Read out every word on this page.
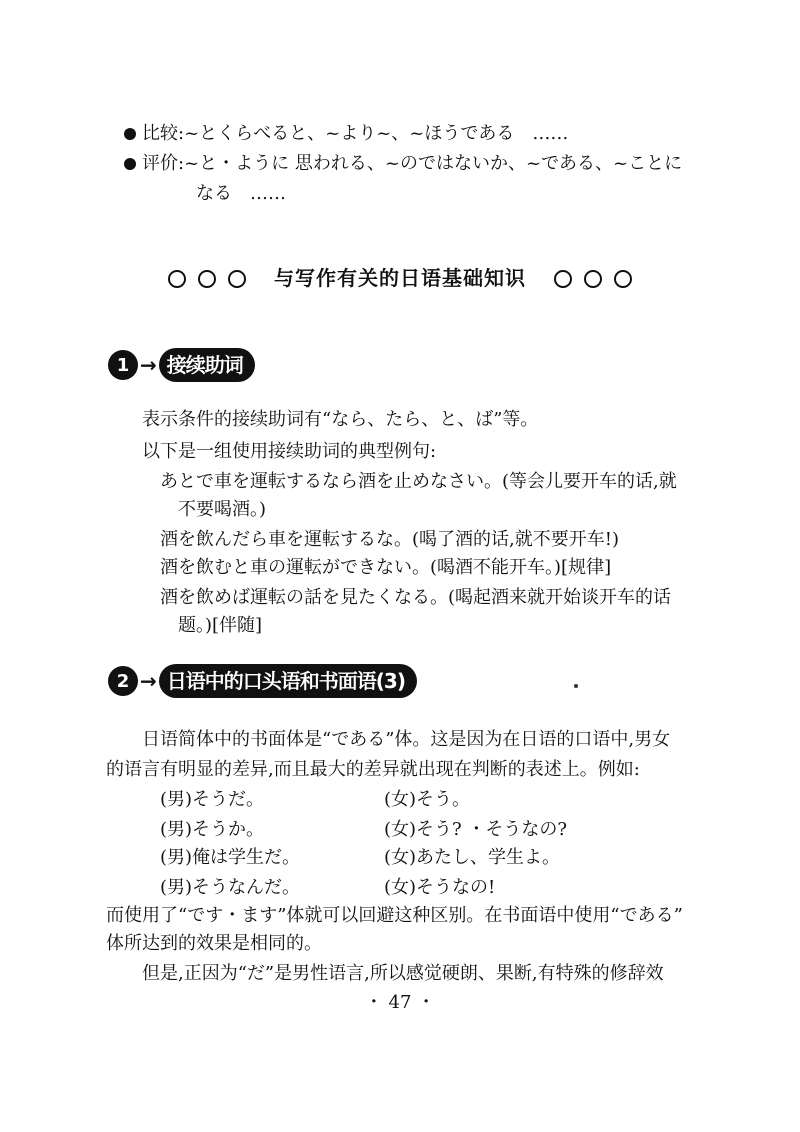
比较:~とくらべると、~より~、~ほうである　……
评价:~と・ように 思われる、~のではないか、~である、~ことに
なる　……
与写作有关的日语基础知识
1 → 接续助词
表示条件的接续助词有“なら、たら、と、ば”等。
以下是一组使用接续助词的典型例句:
あとで車を運転するなら酒を止めなさい。(等会儿要开车的话,就
不要喝酒。)
酒を飲んだら車を運転するな。(喝了酒的话,就不要开车!)
酒を飲むと車の運転ができない。(喝酒不能开车。)[规律]
酒を飲めば運転の話を見たくなる。(喝起酒来就开始谈开车的话
题。)[伴随]
2 → 日语中的口头语和书面语(3)
日语简体中的书面体是“である”体。这是因为在日语的口语中,男女
的语言有明显的差异,而且最大的差异就出现在判断的表述上。例如:
(男)そうだ。	(女)そう。
(男)そうか。	(女)そう? ・そうなの?
(男)俺は学生だ。	(女)あたし、学生よ。
(男)そうなんだ。	(女)そうなの!
而使用了“です・ます”体就可以回避这种区别。在书面语中使用“である”
体所达到的效果是相同的。
但是,正因为“だ”是男性语言,所以感觉硬朗、果断,有特殊的修辞效
・ 47 ・
